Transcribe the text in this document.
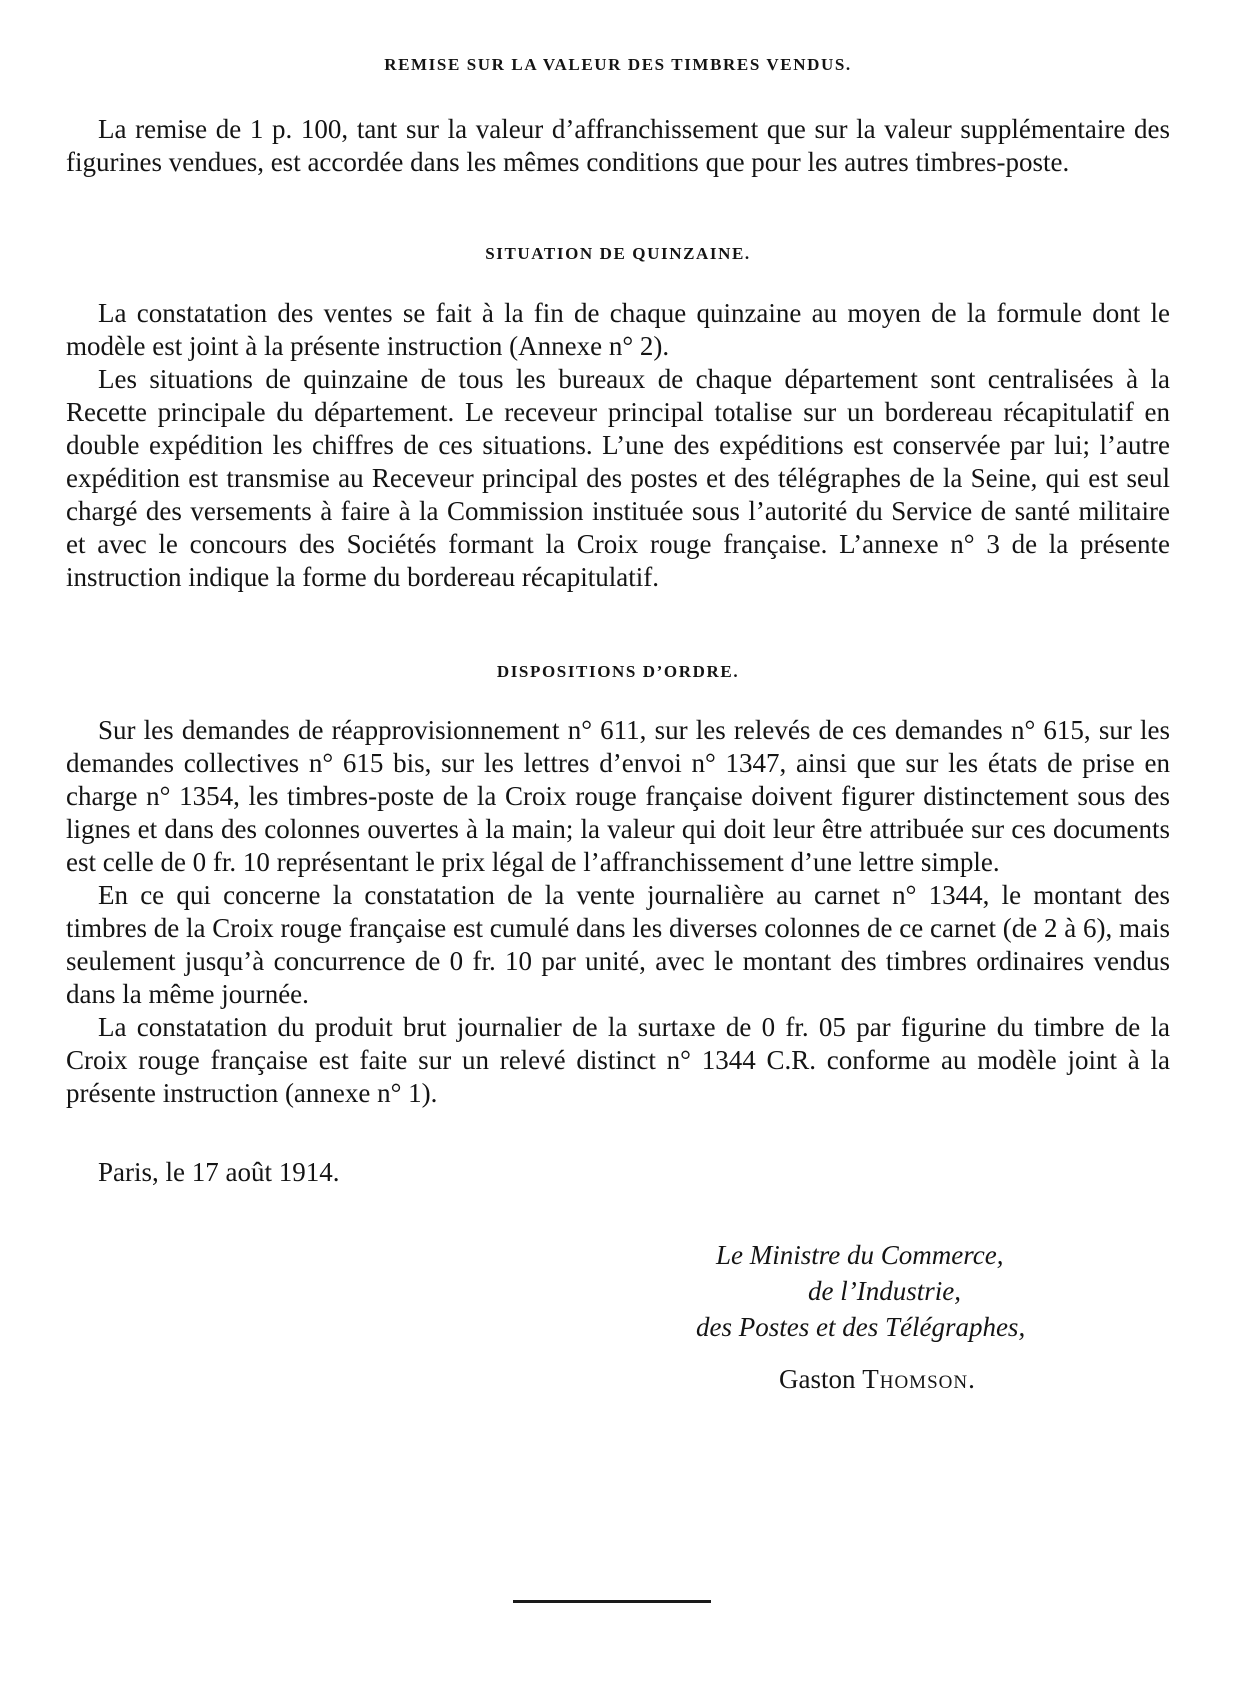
REMISE SUR LA VALEUR DES TIMBRES VENDUS.

La remise de 1 p. 100, tant sur la valeur d’affranchissement que sur la valeur supplémentaire des figurines vendues, est accordée dans les mêmes conditions que pour les autres timbres-poste.

SITUATION DE QUINZAINE.

La constatation des ventes se fait à la fin de chaque quinzaine au moyen de la formule dont le modèle est joint à la présente instruction (Annexe n° 2).

Les situations de quinzaine de tous les bureaux de chaque département sont centralisées à la Recette principale du département. Le receveur principal totalise sur un bordereau récapitulatif en double expédition les chiffres de ces situations. L’une des expéditions est conservée par lui; l’autre expédition est transmise au Receveur principal des postes et des télégraphes de la Seine, qui est seul chargé des versements à faire à la Commission instituée sous l’autorité du Service de santé militaire et avec le concours des Sociétés formant la Croix rouge française. L’annexe n° 3 de la présente instruction indique la forme du bordereau récapitulatif.

DISPOSITIONS D’ORDRE.

Sur les demandes de réapprovisionnement n° 611, sur les relevés de ces demandes n° 615, sur les demandes collectives n° 615 bis, sur les lettres d’envoi n° 1347, ainsi que sur les états de prise en charge n° 1354, les timbres-poste de la Croix rouge française doivent figurer distinctement sous des lignes et dans des colonnes ouvertes à la main; la valeur qui doit leur être attribuée sur ces documents est celle de 0 fr. 10 représentant le prix légal de l’affranchissement d’une lettre simple.

En ce qui concerne la constatation de la vente journalière au carnet n° 1344, le montant des timbres de la Croix rouge française est cumulé dans les diverses colonnes de ce carnet (de 2 à 6), mais seulement jusqu’à concurrence de 0 fr. 10 par unité, avec le montant des timbres ordinaires vendus dans la même journée.

La constatation du produit brut journalier de la surtaxe de 0 fr. 05 par figurine du timbre de la Croix rouge française est faite sur un relevé distinct n° 1344 C.R. conforme au modèle joint à la présente instruction (annexe n° 1).

Paris, le 17 août 1914.

Le Ministre du Commerce,
de l’Industrie,
des Postes et des Télégraphes,
Gaston Thomson.
